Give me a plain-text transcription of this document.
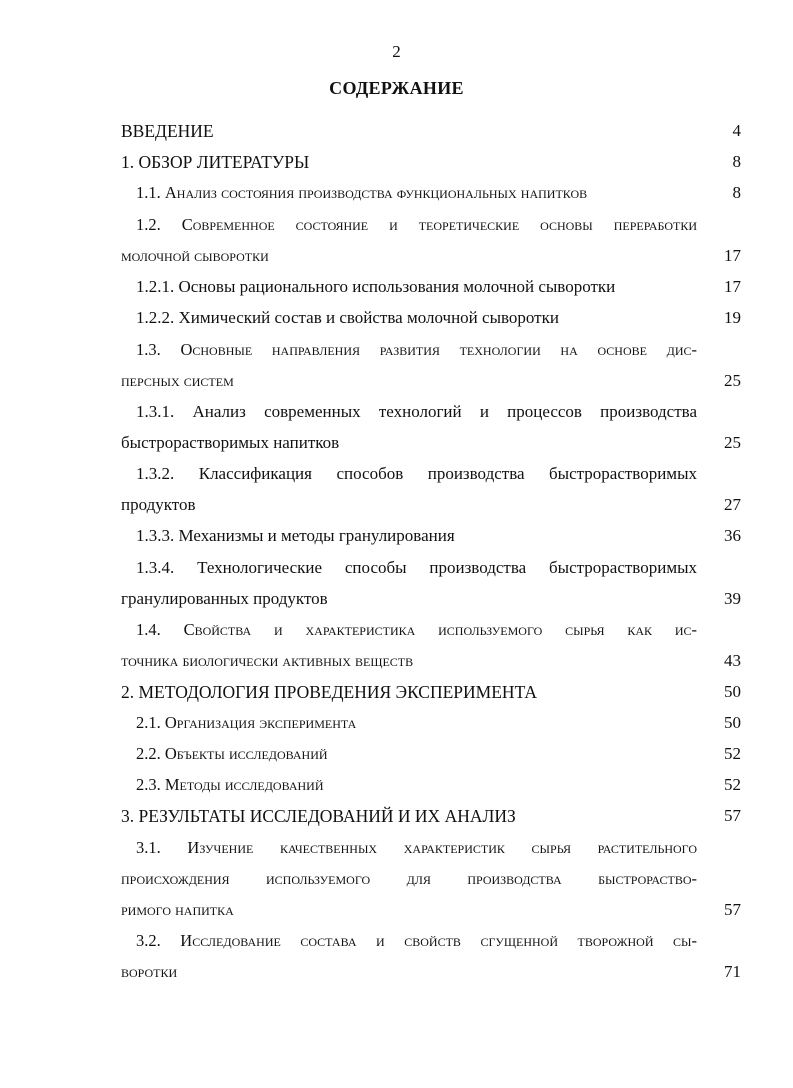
2
СОДЕРЖАНИЕ
ВВЕДЕНИЕ	4
1. ОБЗОР ЛИТЕРАТУРЫ	8
1.1. Анализ состояния производства функциональных напитков	8
1.2. Современное состояние и теоретические основы переработки
молочной сыворотки	17
1.2.1. Основы рационального использования молочной сыворотки	17
1.2.2. Химический состав и свойства молочной сыворотки	19
1.3. Основные направления развития технологии на основе дис-
персных систем	25
1.3.1. Анализ современных технологий и процессов производства
быстрорастворимых напитков	25
1.3.2. Классификация способов производства быстрорастворимых
продуктов	27
1.3.3. Механизмы и методы гранулирования	36
1.3.4. Технологические способы производства быстрорастворимых
гранулированных продуктов	39
1.4. Свойства и характеристика используемого сырья как ис-
точника биологически активных веществ	43
2. МЕТОДОЛОГИЯ ПРОВЕДЕНИЯ ЭКСПЕРИМЕНТА	50
2.1. Организация эксперимента	50
2.2. Объекты исследований	52
2.3. Методы исследований	52
3. РЕЗУЛЬТАТЫ ИССЛЕДОВАНИЙ И ИХ АНАЛИЗ	57
3.1. Изучение качественных характеристик сырья растительного
происхождения используемого для производства быстрораство-
римого напитка	57
3.2. Исследование состава и свойств сгущенной творожной сы-
воротки	71
